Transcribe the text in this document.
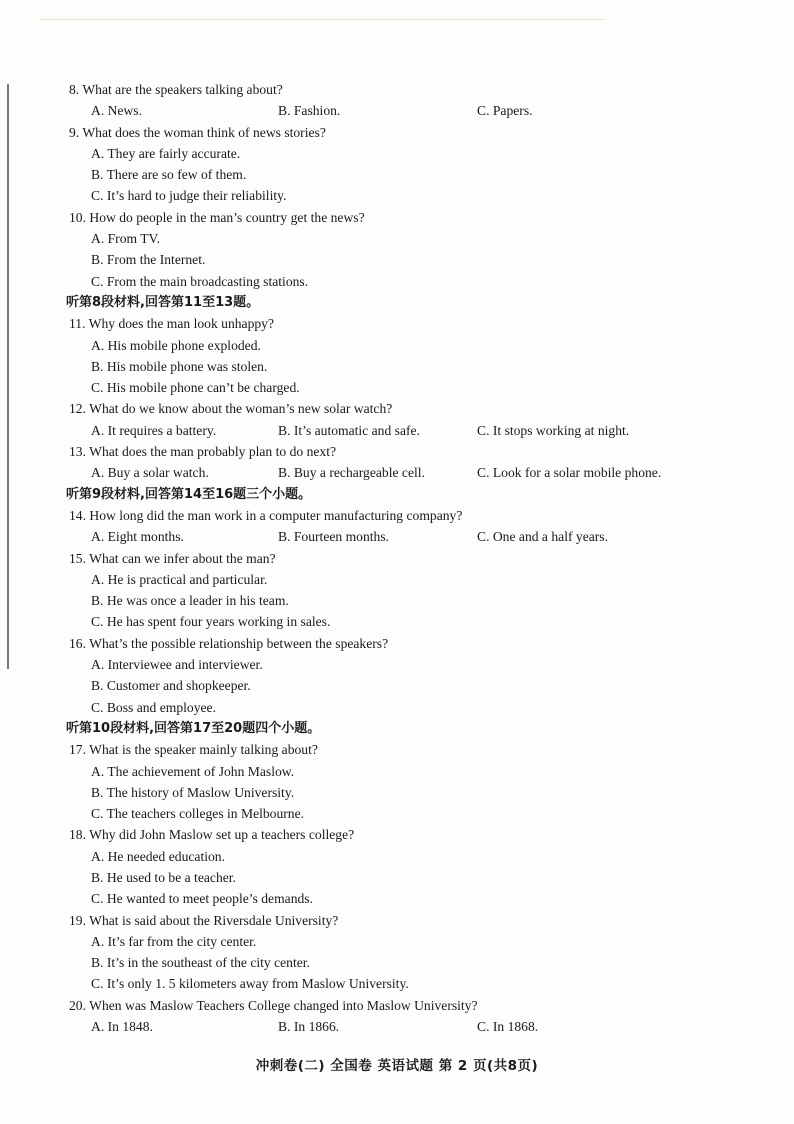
8. What are the speakers talking about?
A. News.	B. Fashion.	C. Papers.
9. What does the woman think of news stories?
A. They are fairly accurate.
B. There are so few of them.
C. It’s hard to judge their reliability.
10. How do people in the man’s country get the news?
A. From TV.
B. From the Internet.
C. From the main broadcasting stations.
听第8段材料,回答第11至13题。
11. Why does the man look unhappy?
A. His mobile phone exploded.
B. His mobile phone was stolen.
C. His mobile phone can’t be charged.
12. What do we know about the woman’s new solar watch?
A. It requires a battery.	B. It’s automatic and safe.	C. It stops working at night.
13. What does the man probably plan to do next?
A. Buy a solar watch.	B. Buy a rechargeable cell.	C. Look for a solar mobile phone.
听第9段材料,回答第14至16题三个小题。
14. How long did the man work in a computer manufacturing company?
A. Eight months.	B. Fourteen months.	C. One and a half years.
15. What can we infer about the man?
A. He is practical and particular.
B. He was once a leader in his team.
C. He has spent four years working in sales.
16. What’s the possible relationship between the speakers?
A. Interviewee and interviewer.
B. Customer and shopkeeper.
C. Boss and employee.
听第10段材料,回答第17至20题四个小题。
17. What is the speaker mainly talking about?
A. The achievement of John Maslow.
B. The history of Maslow University.
C. The teachers colleges in Melbourne.
18. Why did John Maslow set up a teachers college?
A. He needed education.
B. He used to be a teacher.
C. He wanted to meet people’s demands.
19. What is said about the Riversdale University?
A. It’s far from the city center.
B. It’s in the southeast of the city center.
C. It’s only 1. 5 kilometers away from Maslow University.
20. When was Maslow Teachers College changed into Maslow University?
A. In 1848.	B. In 1866.	C. In 1868.
冲刺卷(二) 全国卷 英语试题 第 2 页(共8页)
